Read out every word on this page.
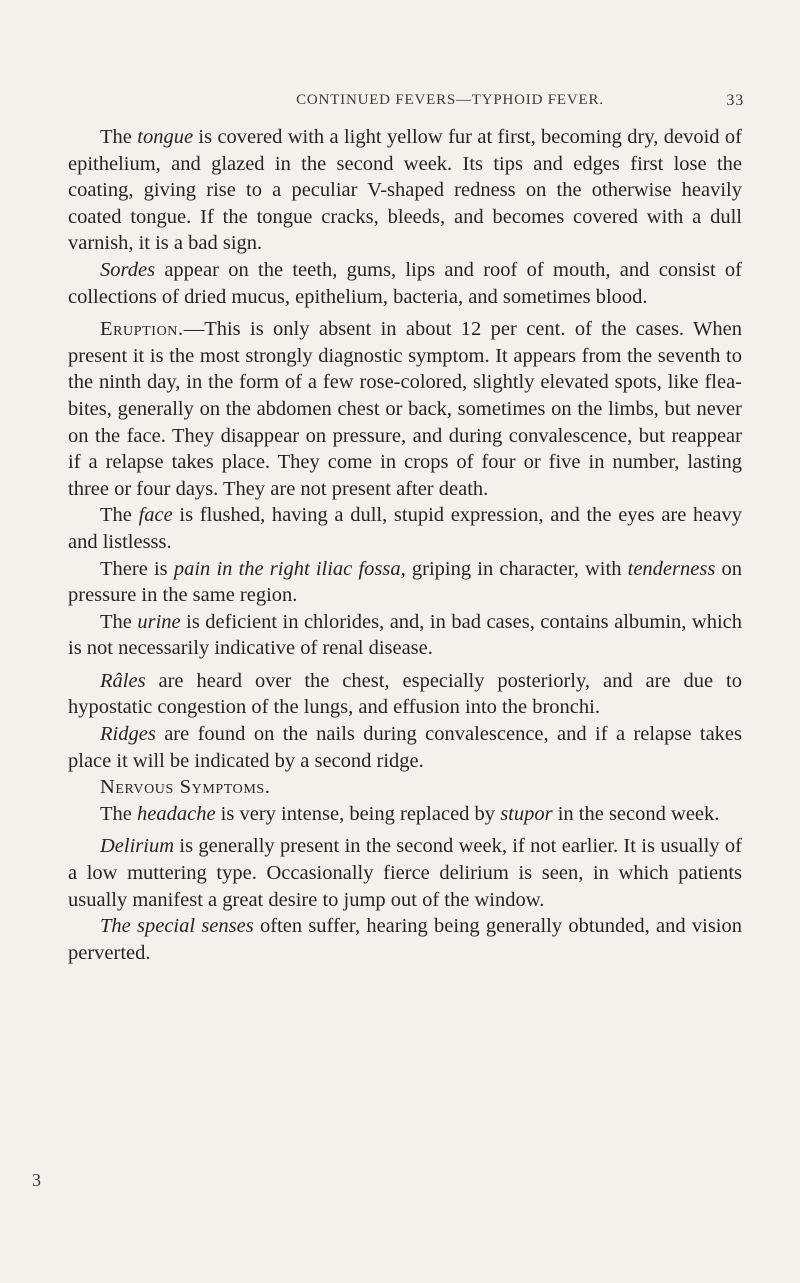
CONTINUED FEVERS—TYPHOID FEVER.	33

The tongue is covered with a light yellow fur at first, becoming dry, devoid of epithelium, and glazed in the second week. Its tips and edges first lose the coating, giving rise to a peculiar V-shaped redness on the otherwise heavily coated tongue. If the tongue cracks, bleeds, and becomes covered with a dull varnish, it is a bad sign.

Sordes appear on the teeth, gums, lips and roof of mouth, and consist of collections of dried mucus, epithelium, bacteria, and sometimes blood.

Eruption.—This is only absent in about 12 per cent. of the cases. When present it is the most strongly diagnostic symptom. It appears from the seventh to the ninth day, in the form of a few rose-colored, slightly elevated spots, like flea-bites, generally on the abdomen chest or back, sometimes on the limbs, but never on the face. They disappear on pressure, and during convalescence, but reappear if a relapse takes place. They come in crops of four or five in number, lasting three or four days. They are not present after death.

The face is flushed, having a dull, stupid expression, and the eyes are heavy and listlesss.

There is pain in the right iliac fossa, griping in character, with tenderness on pressure in the same region.

The urine is deficient in chlorides, and, in bad cases, contains albumin, which is not necessarily indicative of renal disease.

Râles are heard over the chest, especially posteriorly, and are due to hypostatic congestion of the lungs, and effusion into the bronchi.

Ridges are found on the nails during convalescence, and if a relapse takes place it will be indicated by a second ridge.

Nervous Symptoms.

The headache is very intense, being replaced by stupor in the second week.

Delirium is generally present in the second week, if not earlier. It is usually of a low muttering type. Occasionally fierce delirium is seen, in which patients usually manifest a great desire to jump out of the window.

The special senses often suffer, hearing being generally obtunded, and vision perverted.

3
